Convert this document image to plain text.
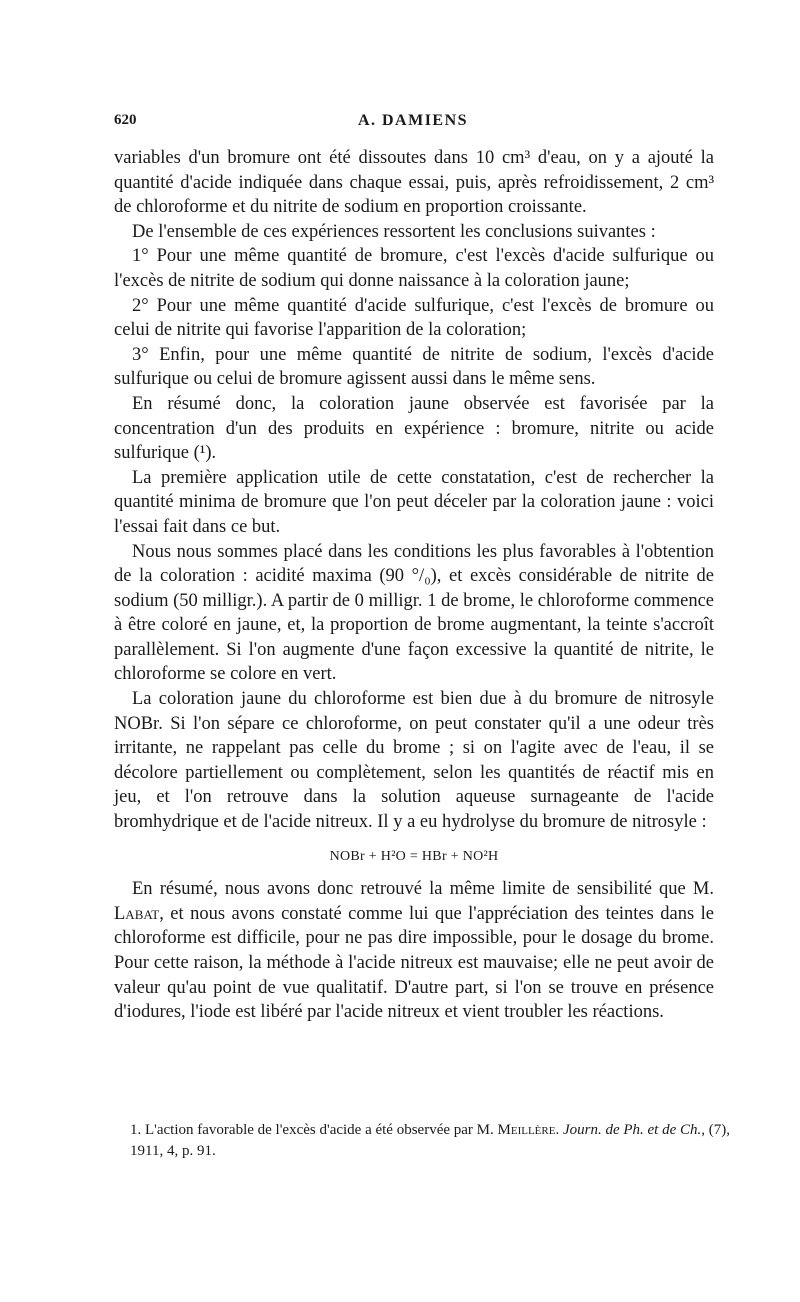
620	A. DAMIENS

variables d'un bromure ont été dissoutes dans 10 cm³ d'eau, on y a ajouté la quantité d'acide indiquée dans chaque essai, puis, après refroidissement, 2 cm³ de chloroforme et du nitrite de sodium en proportion croissante.

De l'ensemble de ces expériences ressortent les conclusions suivantes :

1° Pour une même quantité de bromure, c'est l'excès d'acide sulfurique ou l'excès de nitrite de sodium qui donne naissance à la coloration jaune;

2° Pour une même quantité d'acide sulfurique, c'est l'excès de bromure ou celui de nitrite qui favorise l'apparition de la coloration;

3° Enfin, pour une même quantité de nitrite de sodium, l'excès d'acide sulfurique ou celui de bromure agissent aussi dans le même sens.

En résumé donc, la coloration jaune observée est favorisée par la concentration d'un des produits en expérience : bromure, nitrite ou acide sulfurique (¹).

La première application utile de cette constatation, c'est de rechercher la quantité minima de bromure que l'on peut déceler par la coloration jaune : voici l'essai fait dans ce but.

Nous nous sommes placé dans les conditions les plus favorables à l'obtention de la coloration : acidité maxima (90 °/₀), et excès considérable de nitrite de sodium (50 milligr.). A partir de 0 milligr. 1 de brome, le chloroforme commence à être coloré en jaune, et, la proportion de brome augmentant, la teinte s'accroît parallèlement. Si l'on augmente d'une façon excessive la quantité de nitrite, le chloroforme se colore en vert.

La coloration jaune du chloroforme est bien due à du bromure de nitrosyle NOBr. Si l'on sépare ce chloroforme, on peut constater qu'il a une odeur très irritante, ne rappelant pas celle du brome ; si on l'agite avec de l'eau, il se décolore partiellement ou complètement, selon les quantités de réactif mis en jeu, et l'on retrouve dans la solution aqueuse surnageante de l'acide bromhydrique et de l'acide nitreux. Il y a eu hydrolyse du bromure de nitrosyle :

NOBr + H²O = HBr + NO²H

En résumé, nous avons donc retrouvé la même limite de sensibilité que M. Labat, et nous avons constaté comme lui que l'appréciation des teintes dans le chloroforme est difficile, pour ne pas dire impossible, pour le dosage du brome. Pour cette raison, la méthode à l'acide nitreux est mauvaise; elle ne peut avoir de valeur qu'au point de vue qualitatif. D'autre part, si l'on se trouve en présence d'iodures, l'iode est libéré par l'acide nitreux et vient troubler les réactions.

1. L'action favorable de l'excès d'acide a été observée par M. Meillère. Journ. de Ph. et de Ch., (7), 1911, 4, p. 91.
